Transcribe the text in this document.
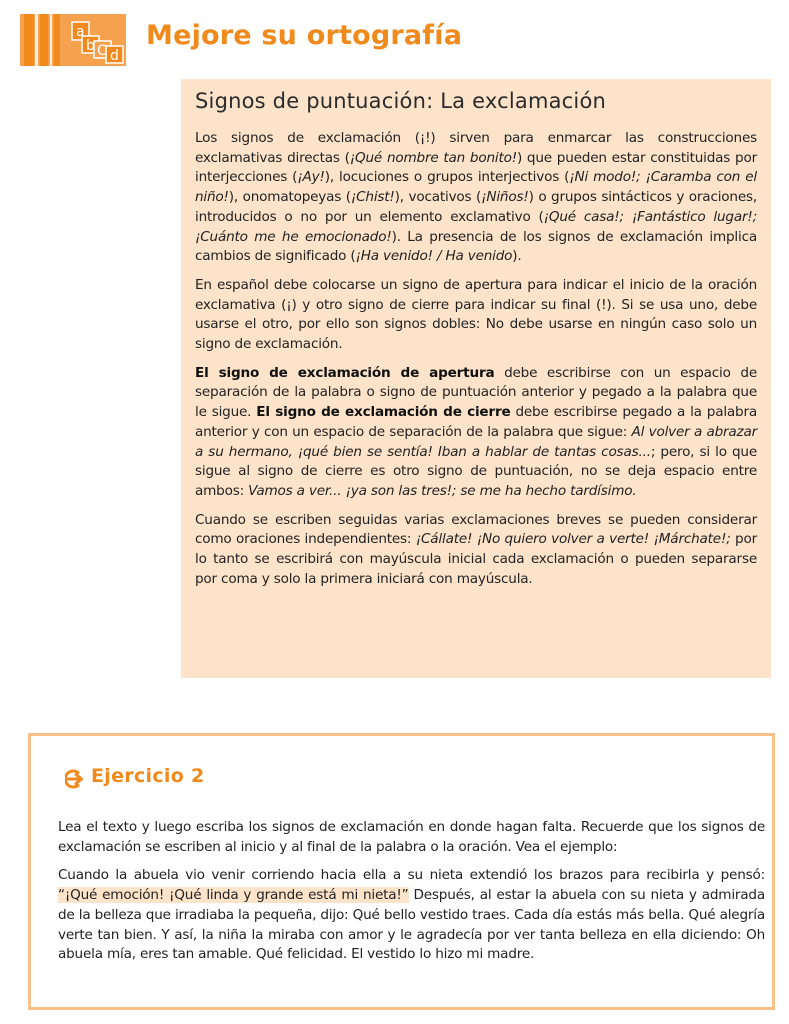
a
b C d
Mejore su ortografía
Signos de puntuación: La exclamación

Los signos de exclamación (¡!) sirven para enmarcar las construcciones exclamativas directas (¡Qué nombre tan bonito!) que pueden estar constituidas por interjecciones (¡Ay!), locuciones o grupos interjectivos (¡Ni modo!; ¡Caramba con el niño!), onomatopeyas (¡Chist!), vocativos (¡Niños!) o grupos sintácticos y oraciones, introducidos o no por un elemento exclamativo (¡Qué casa!; ¡Fantástico lugar!; ¡Cuánto me he emocionado!). La presencia de los signos de exclamación implica cambios de significado (¡Ha venido! / Ha venido).

En español debe colocarse un signo de apertura para indicar el inicio de la oración exclamativa (¡) y otro signo de cierre para indicar su final (!). Si se usa uno, debe usarse el otro, por ello son signos dobles: No debe usarse en ningún caso solo un signo de exclamación.

El signo de exclamación de apertura debe escribirse con un espacio de separación de la palabra o signo de puntuación anterior y pegado a la palabra que le sigue. El signo de exclamación de cierre debe escribirse pegado a la palabra anterior y con un espacio de separación de la palabra que sigue: Al volver a abrazar a su hermano, ¡qué bien se sentía! Iban a hablar de tantas cosas...; pero, si lo que sigue al signo de cierre es otro signo de puntuación, no se deja espacio entre ambos: Vamos a ver... ¡ya son las tres!; se me ha hecho tardísimo.

Cuando se escriben seguidas varias exclamaciones breves se pueden considerar como oraciones independientes: ¡Cállate! ¡No quiero volver a verte! ¡Márchate!; por lo tanto se escribirá con mayúscula inicial cada exclamación o pueden separarse por coma y solo la primera iniciará con mayúscula.

Ejercicio 2

Lea el texto y luego escriba los signos de exclamación en donde hagan falta. Recuerde que los signos de exclamación se escriben al inicio y al final de la palabra o la oración. Vea el ejemplo:

Cuando la abuela vio venir corriendo hacia ella a su nieta extendió los brazos para recibirla y pensó: “¡Qué emoción! ¡Qué linda y grande está mi nieta!” Después, al estar la abuela con su nieta y admirada de la belleza que irradiaba la pequeña, dijo: Qué bello vestido traes. Cada día estás más bella. Qué alegría verte tan bien. Y así, la niña la miraba con amor y le agradecía por ver tanta belleza en ella diciendo: Oh abuela mía, eres tan amable. Qué felicidad. El vestido lo hizo mi madre.
